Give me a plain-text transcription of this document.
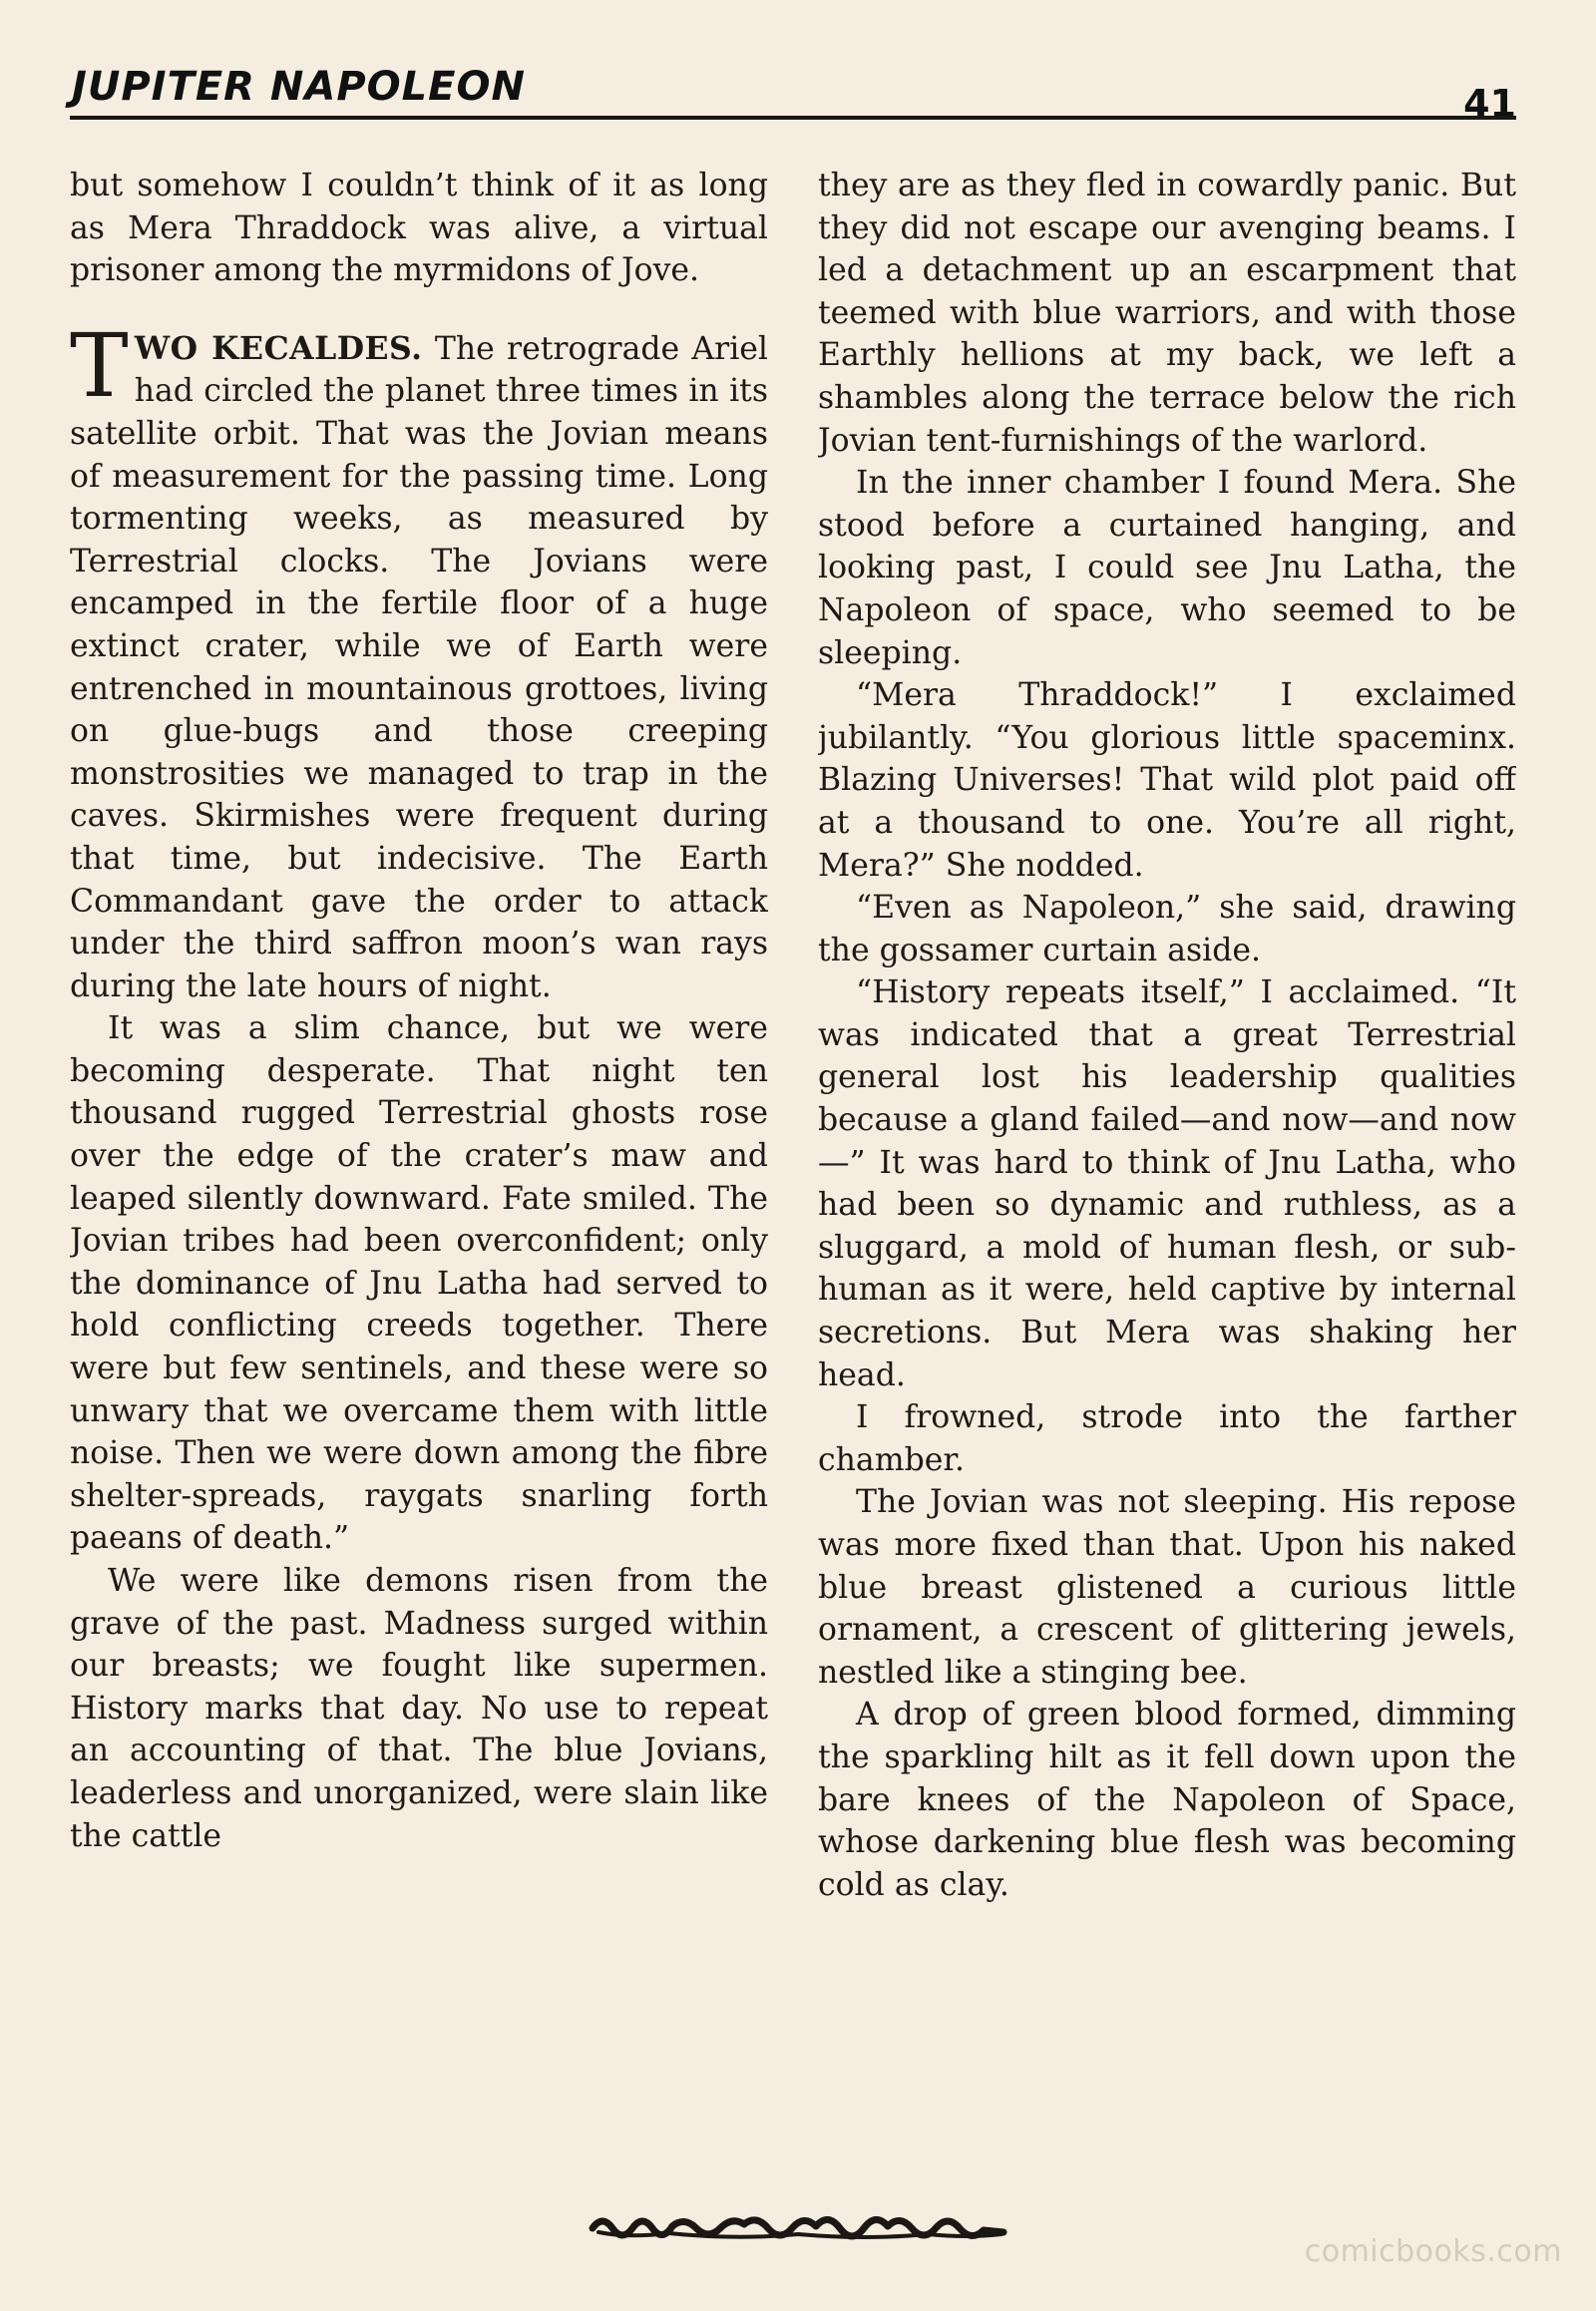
JUPITER NAPOLEON	41

but somehow I couldn’t think of it as long as Mera Thraddock was alive, a virtual prisoner among the myrmidons of Jove.

TWO KECALDES. The retrograde Ariel had circled the planet three times in its satellite orbit. That was the Jovian means of measurement for the passing time. Long tormenting weeks, as measured by Terrestrial clocks. The Jovians were encamped in the fertile floor of a huge extinct crater, while we of Earth were entrenched in mountainous grottoes, living on glue-bugs and those creeping monstrosities we managed to trap in the caves. Skirmishes were frequent during that time, but indecisive. The Earth Commandant gave the order to attack under the third saffron moon’s wan rays during the late hours of night.

It was a slim chance, but we were becoming desperate. That night ten thousand rugged Terrestrial ghosts rose over the edge of the crater’s maw and leaped silently downward. Fate smiled. The Jovian tribes had been overconfident; only the dominance of Jnu Latha had served to hold conflicting creeds together. There were but few sentinels, and these were so unwary that we overcame them with little noise. Then we were down among the fibre shelter-spreads, raygats snarling forth paeans of death.”

We were like demons risen from the grave of the past. Madness surged within our breasts; we fought like supermen. History marks that day. No use to repeat an accounting of that. The blue Jovians, leaderless and unorganized, were slain like the cattle

they are as they fled in cowardly panic. But they did not escape our avenging beams. I led a detachment up an escarpment that teemed with blue warriors, and with those Earthly hellions at my back, we left a shambles along the terrace below the rich Jovian tent-furnishings of the warlord.

In the inner chamber I found Mera. She stood before a curtained hanging, and looking past, I could see Jnu Latha, the Napoleon of space, who seemed to be sleeping.

“Mera Thraddock!” I exclaimed jubilantly. “You glorious little spaceminx. Blazing Universes! That wild plot paid off at a thousand to one. You’re all right, Mera?” She nodded.

“Even as Napoleon,” she said, drawing the gossamer curtain aside.

“History repeats itself,” I acclaimed. “It was indicated that a great Terrestrial general lost his leadership qualities because a gland failed—and now—and now—” It was hard to think of Jnu Latha, who had been so dynamic and ruthless, as a sluggard, a mold of human flesh, or sub-human as it were, held captive by internal secretions. But Mera was shaking her head.

I frowned, strode into the farther chamber.

The Jovian was not sleeping. His repose was more fixed than that. Upon his naked blue breast glistened a curious little ornament, a crescent of glittering jewels, nestled like a stinging bee.

A drop of green blood formed, dimming the sparkling hilt as it fell down upon the bare knees of the Napoleon of Space, whose darkening blue flesh was becoming cold as clay.

comicbooks.com
